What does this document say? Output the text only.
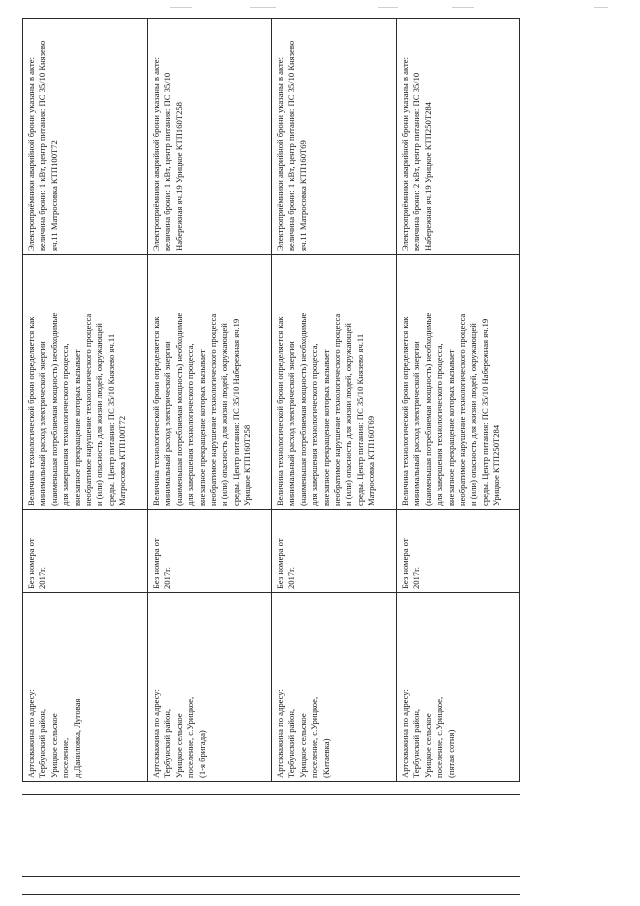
Электроприёмники аварийной брони указаны в акте: величина брони: 1 кВт, центр питания: ПС 35/10 Князево яч.11 Матросовка КТП100Т72
Величина технологической брони определяется как минимальный расход электрической энергии (наименьшая потребляемая мощность) необходимые для завершения технологического процесса, внезапное прекращение которых вызывает необратимое нарушение технологического процесса и (или) опасность для жизни людей, окружающей среды. Центр питания: ПС 35/10 Князево яч.11 Матросовка КТП100Т72
Без номера от 2017г.
Артскважина по адресу: Тербунский район, Урицкое сельское поселение, д.Даниловка, Луговая
Электроприёмники аварийной брони указаны в акте: величина брони: 1 кВт, центр питания: ПС 35/10 Набережная яч.19 Урицкое КТП160Т258
Величина технологической брони определяется как минимальный расход электрической энергии (наименьшая потребляемая мощность) необходимые для завершения технологического процесса, внезапное прекращение которых вызывает необратимое нарушение технологического процесса и (или) опасность для жизни людей, окружающей среды. Центр питания: ПС 35/10 Набережная яч.19 Урицкое КТП160Т258
Без номера от 2017г.
Артскважина по адресу: Тербунский район, Урицкое сельское поселение, с.Урицкое, (1-я бригада)
Электроприёмники аварийной брони указаны в акте: величина брони: 1 кВт, центр питания: ПС 35/10 Князево яч.11 Матросовка КТП160Т69
Величина технологической брони определяется как минимальный расход электрической энергии (наименьшая потребляемая мощность) необходимые для завершения технологического процесса, внезапное прекращение которых вызывает необратимое нарушение технологического процесса и (или) опасность для жизни людей, окружающей среды. Центр питания: ПС 35/10 Князево яч.11 Матросовка КТП160Т69
Без номера от 2017г.
Артскважина по адресу: Тербунский район, Урицкое сельское поселение, с.Урицкое, (Китаевка)
Электроприёмники аварийной брони указаны в акте: величина брони: 2 кВт, центр питания: ПС 35/10 Набережная яч.19 Урицкое КТП250Т284
Величина технологической брони определяется как минимальный расход электрической энергии (наименьшая потребляемая мощность) необходимые для завершения технологического процесса, внезапное прекращение которых вызывает необратимое нарушение технологического процесса и (или) опасность для жизни людей, окружающей среды. Центр питания: ПС 35/10 Набережная яч.19 Урицкое КТП250Т284
Без номера от 2017г.
Артскважина по адресу: Тербунский район, Урицкое сельское поселение, с.Урицкое, (пятая сотня)
